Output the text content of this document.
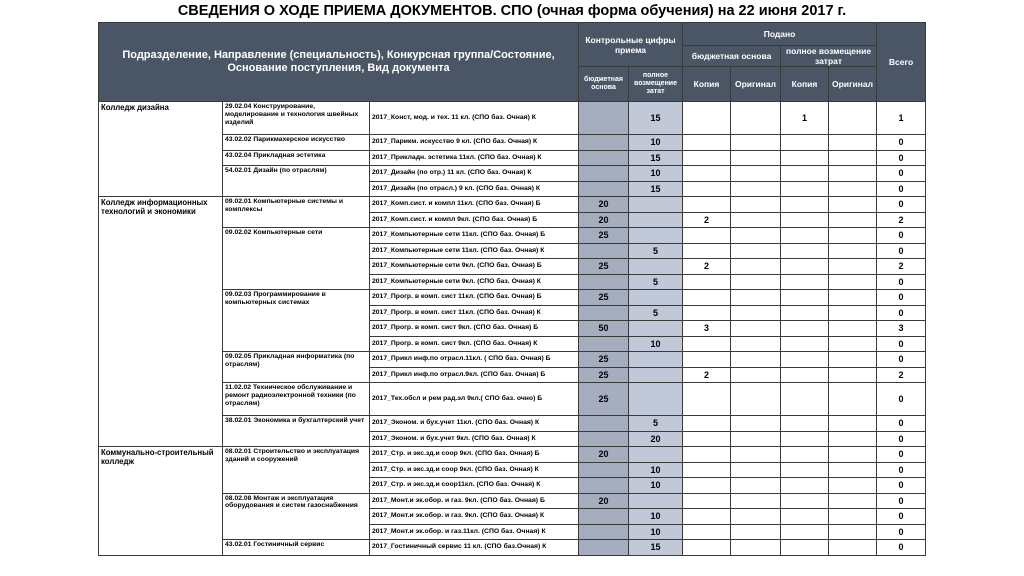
СВЕДЕНИЯ О ХОДЕ ПРИЕМА ДОКУМЕНТОВ. СПО (очная форма обучения) на 22 июня 2017 г.
Подразделение, Направление (специальность), Конкурсная группа/Состояние, Основание поступления, Вид документа			Контрольные цифры приема		Подано				Всего
					бюджетная основа		полное возмещение затрат		
			бюджетная основа	полное возмещение затат	Копия	Оригинал	Копия	Оригинал	
Колледж дизайна	29.02.04 Конструирование, моделирование и технология швейных изделий	2017_Конст, мод. и тех. 11 кл. (СПО баз. Очная) К		15			1		1
	43.02.02 Парикмахерское искусство	2017_Парикм. искусство 9 кл. (СПО баз. Очная) К		10					0
	43.02.04 Прикладная эстетика	2017_Прикладн. эстетика 11кл. (СПО баз. Очная) К		15					0
	54.02.01 Дизайн (по отраслям)	2017_Дизайн (по отр.) 11 кл. (СПО баз. Очная) К		10					0
		2017_Дизайн (по отрасл.) 9 кл. (СПО баз. Очная) К		15					0
Колледж информационных технологий и экономики	09.02.01 Компьютерные системы и комплексы	2017_Комп.сист. и компл 11кл. (СПО баз. Очная) Б	20						0
		2017_Комп.сист. и компл 9кл. (СПО баз. Очная) Б	20		2				2
	09.02.02 Компьютерные сети	2017_Компьютерные сети 11кл. (СПО баз. Очная) Б	25						0
		2017_Компьютерные сети 11кл. (СПО баз. Очная) К		5					0
		2017_Компьютерные сети 9кл. (СПО баз. Очная) Б	25		2				2
		2017_Компьютерные сети 9кл. (СПО баз. Очная) К		5					0
	09.02.03 Программирование в компьютерных системах	2017_Прогр. в комп. сист 11кл. (СПО баз. Очная) Б	25						0
		2017_Прогр. в комп. сист 11кл. (СПО баз. Очная) К		5					0
		2017_Прогр. в комп. сист 9кл. (СПО баз. Очная) Б	50		3				3
		2017_Прогр. в комп. сист 9кл. (СПО баз. Очная) К		10					0
	09.02.05 Прикладная информатика (по отраслям)	2017_Прикл инф.по отрасл.11кл. ( СПО баз. Очная) Б	25						0
		2017_Прикл инф.по отрасл.9кл. (СПО баз. Очная) Б	25		2				2
	11.02.02 Техническое обслуживание и ремонт радиоэлектронной техники (по отраслям)	2017_Тех.обсл и рем рад.эл 9кл.( СПО баз. очно) Б	25						0
	38.02.01 Экономика и бухгалтерский учет	2017_Эконом. и бух.учет 11кл. (СПО баз. Очная) К		5					0
		2017_Эконом. и бух.учет 9кл. (СПО баз. Очная) К		20					0
Коммунально-строительный колледж	08.02.01 Строительство и эксплуатация зданий и сооружений	2017_Стр. и экс.зд.и соор 9кл. (СПО баз. Очная) Б	20						0
		2017_Стр. и экс.зд.и соор 9кл. (СПО баз. Очная) К		10					0
		2017_Стр. и экс.зд.и соор11кл. (СПО баз. Очная) К		10					0
	08.02.08 Монтаж и эксплуатация оборудования и систем газоснабжения	2017_Монт.и эк.обор. и газ. 9кл. (СПО баз. Очная) Б	20						0
		2017_Монт.и эк.обор. и газ. 9кл. (СПО баз. Очная) К		10					0
		2017_Монт.и эк.обор. и газ.11кл. (СПО баз. Очная) К		10					0
	43.02.01 Гостиничный сервис	2017_Гостиничный сервис 11 кл. (СПО баз.Очная) К		15					0
